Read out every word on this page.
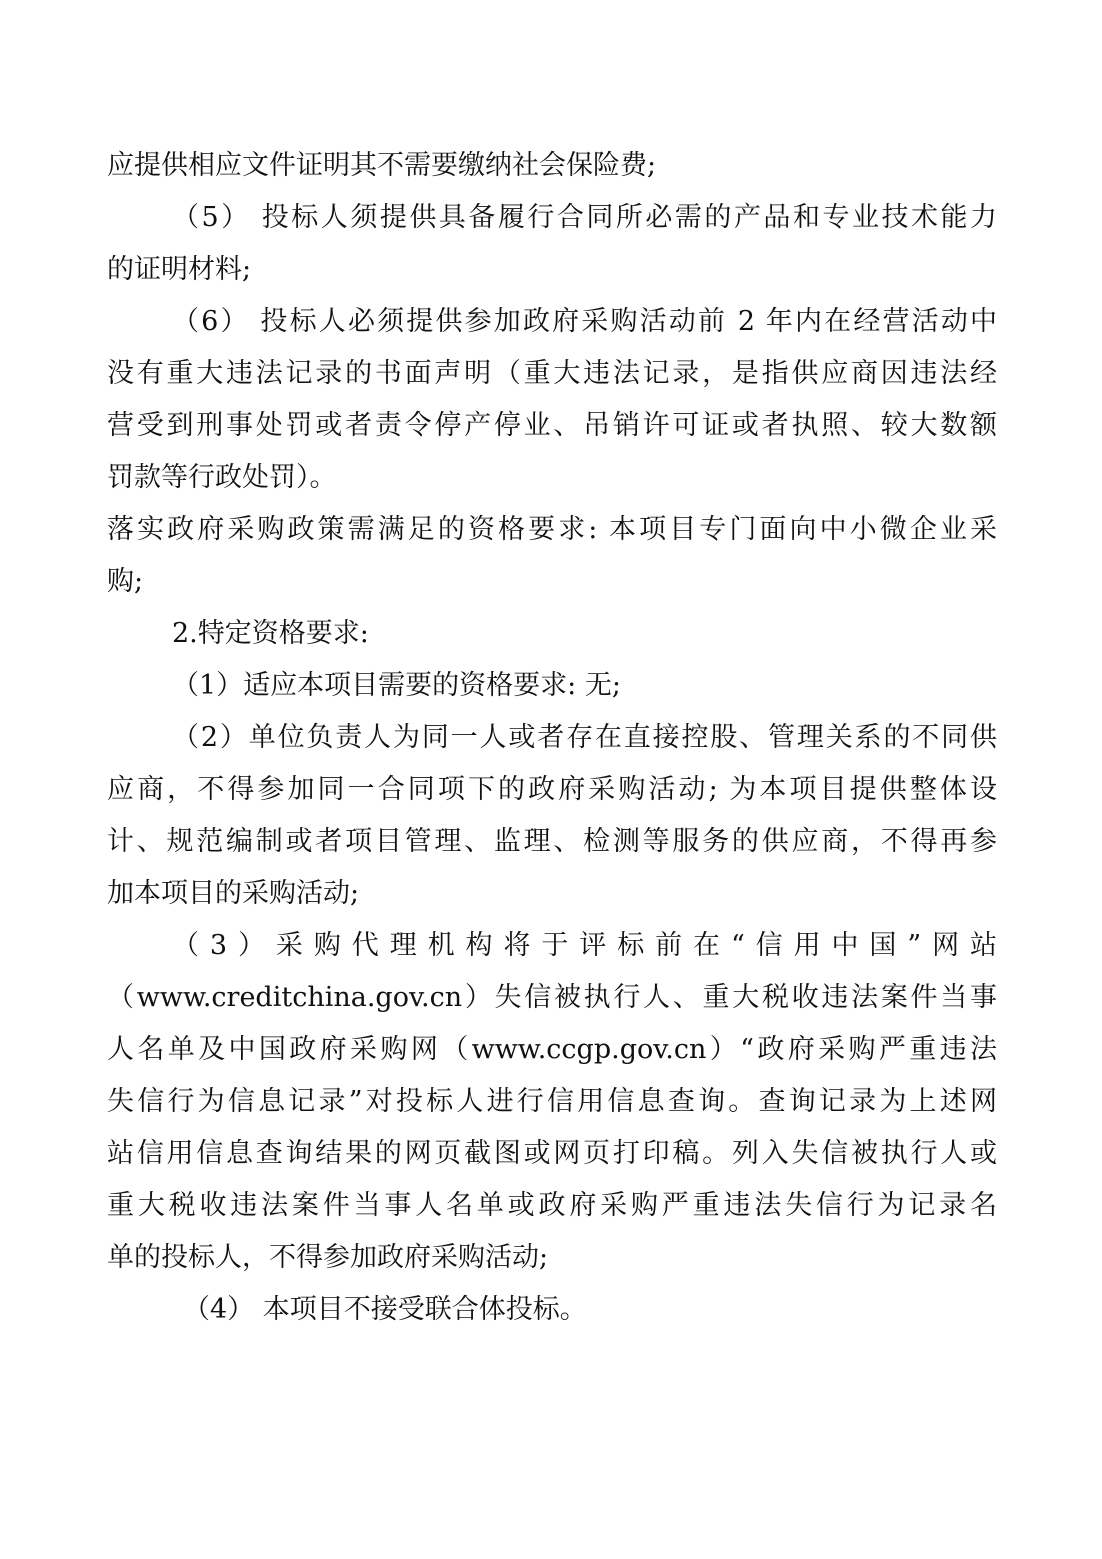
应提供相应文件证明其不需要缴纳社会保险费;
（5） 投标人须提供具备履行合同所必需的产品和专业技术能力
的证明材料;
（6） 投标人必须提供参加政府采购活动前 2 年内在经营活动中
没有重大违法记录的书面声明（重大违法记录，是指供应商因违法经
营受到刑事处罚或者责令停产停业、吊销许可证或者执照、较大数额
罚款等行政处罚）。
落实政府采购政策需满足的资格要求: 本项目专门面向中小微企业采
购;
2.特定资格要求:
（1）适应本项目需要的资格要求: 无;
（2）单位负责人为同一人或者存在直接控股、管理关系的不同供
应商，不得参加同一合同项下的政府采购活动; 为本项目提供整体设
计、规范编制或者项目管理、监理、检测等服务的供应商，不得再参
加本项目的采购活动;
（3）采购代理机构将于评标前在“信用中国”网站
（www.creditchina.gov.cn）失信被执行人、重大税收违法案件当事
人名单及中国政府采购网（www.ccgp.gov.cn）“政府采购严重违法
失信行为信息记录”对投标人进行信用信息查询。查询记录为上述网
站信用信息查询结果的网页截图或网页打印稿。列入失信被执行人或
重大税收违法案件当事人名单或政府采购严重违法失信行为记录名
单的投标人，不得参加政府采购活动;
（4） 本项目不接受联合体投标。
